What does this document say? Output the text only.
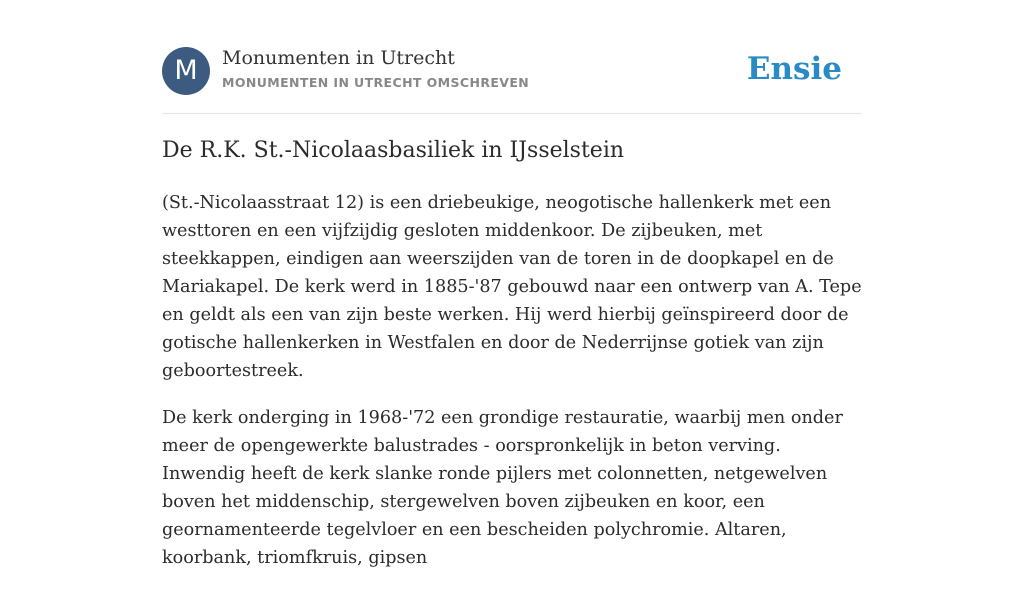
M	Monumenten in Utrecht
MONUMENTEN IN UTRECHT OMSCHREVEN	Ensie
De R.K. St.-Nicolaasbasiliek in IJsselstein

(St.-Nicolaasstraat 12) is een driebeukige, neogotische hallenkerk met een westtoren en een vijfzijdig gesloten middenkoor. De zijbeuken, met steekkappen, eindigen aan weerszijden van de toren in de doopkapel en de Mariakapel. De kerk werd in 1885-'87 gebouwd naar een ontwerp van A. Tepe en geldt als een van zijn beste werken. Hij werd hierbij geïnspireerd door de gotische hallenkerken in Westfalen en door de Nederrijnse gotiek van zijn geboortestreek.

De kerk onderging in 1968-'72 een grondige restauratie, waarbij men onder meer de opengewerkte balustrades - oorspronkelijk in beton verving. Inwendig heeft de kerk slanke ronde pijlers met colonnetten, netgewelven boven het middenschip, stergewelven boven zijbeuken en koor, een geornamenteerde tegelvloer en een bescheiden polychromie. Altaren, koorbank, triomfkruis, gipsen
